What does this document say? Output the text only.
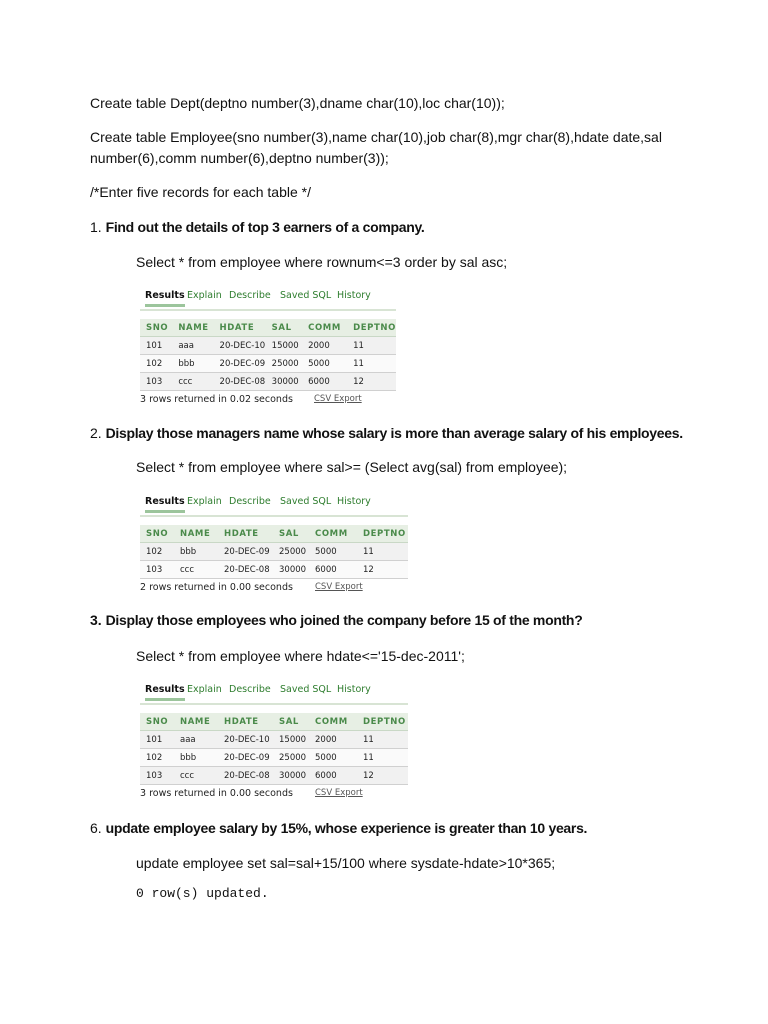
Create table Dept(deptno number(3),dname char(10),loc char(10));

Create table Employee(sno number(3),name char(10),job char(8),mgr char(8),hdate date,sal number(6),comm number(6),deptno number(3));

/*Enter five records for each table */

1. Find out the details of top 3 earners of a company.

Select * from employee where rownum<=3 order by sal asc;

Results Explain Describe Saved SQL History
SNO	NAME	HDATE	SAL	COMM	DEPTNO
101	aaa	20-DEC-10	15000	2000	11
102	bbb	20-DEC-09	25000	5000	11
103	ccc	20-DEC-08	30000	6000	12
3 rows returned in 0.02 seconds CSV Export

2. Display those managers name whose salary is more than average salary of his employees.

Select * from employee where sal>= (Select avg(sal) from employee);

Results Explain Describe Saved SQL History
SNO	NAME	HDATE	SAL	COMM	DEPTNO
102	bbb	20-DEC-09	25000	5000	11
103	ccc	20-DEC-08	30000	6000	12
2 rows returned in 0.00 seconds	CSV Export

3. Display those employees who joined the company before 15 of the month?

Select * from employee where hdate<='15-dec-2011';

Results Explain Describe Saved SQL History
SNO	NAME	HDATE	SAL	COMM	DEPTNO
101	aaa	20-DEC-10	15000	2000	11
102	bbb	20-DEC-09	25000	5000	11
103	ccc	20-DEC-08	30000	6000	12
3 rows returned in 0.00 seconds	CSV Export

6. update employee salary by 15%, whose experience is greater than 10 years.

update employee set sal=sal+15/100 where sysdate-hdate>10*365;

0 row(s) updated.
